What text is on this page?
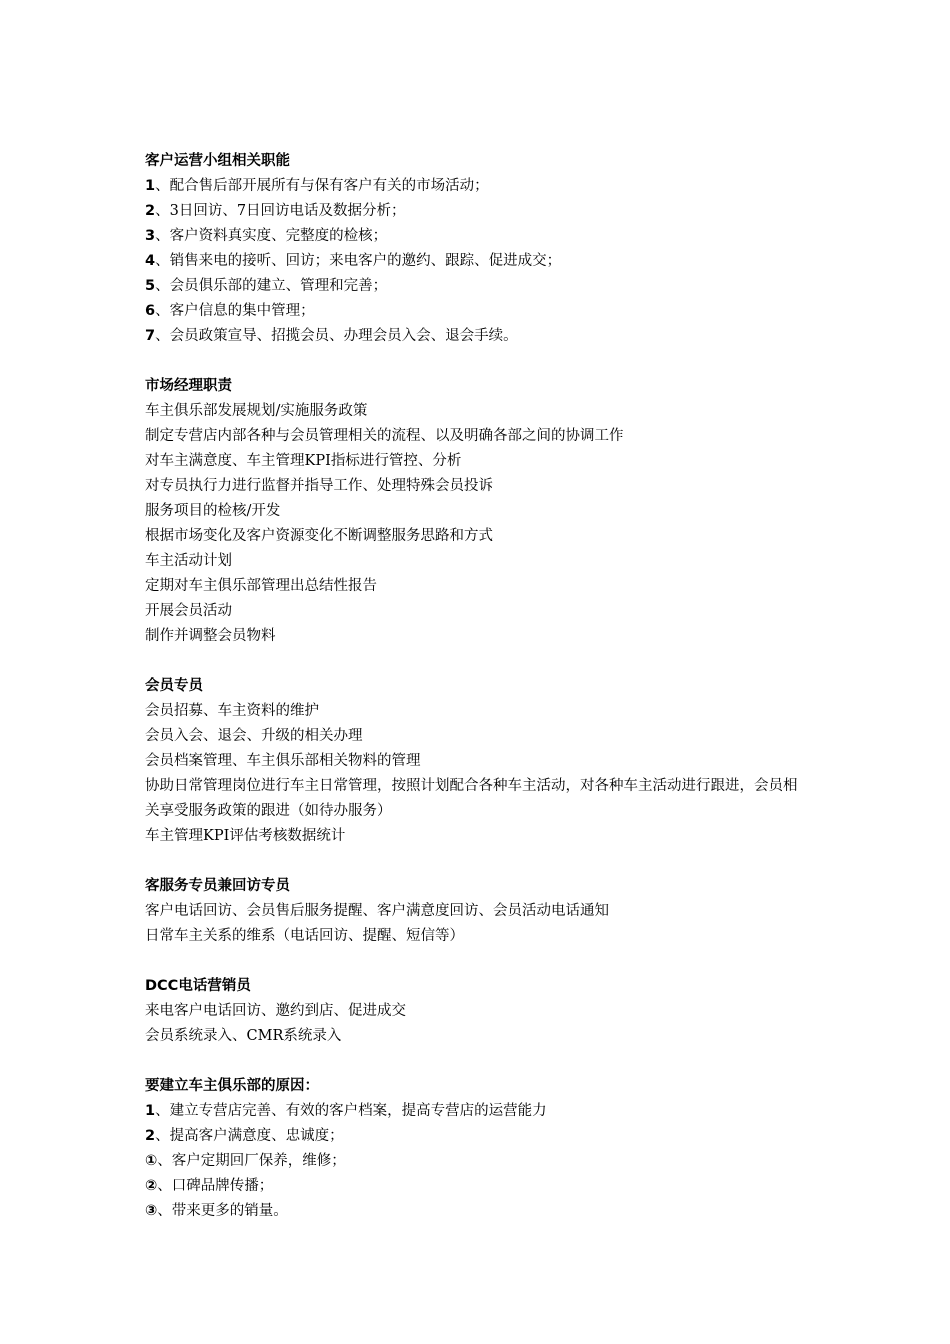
客户运营小组相关职能
1、配合售后部开展所有与保有客户有关的市场活动；
2、3日回访、7日回访电话及数据分析；
3、客户资料真实度、完整度的检核；
4、销售来电的接听、回访；来电客户的邀约、跟踪、促进成交；
5、会员俱乐部的建立、管理和完善；
6、客户信息的集中管理；
7、会员政策宣导、招揽会员、办理会员入会、退会手续。
市场经理职责
车主俱乐部发展规划/实施服务政策
制定专营店内部各种与会员管理相关的流程、以及明确各部之间的协调工作
对车主满意度、车主管理KPI指标进行管控、分析
对专员执行力进行监督并指导工作、处理特殊会员投诉
服务项目的检核/开发
根据市场变化及客户资源变化不断调整服务思路和方式
车主活动计划
定期对车主俱乐部管理出总结性报告
开展会员活动
制作并调整会员物料
会员专员
会员招募、车主资料的维护
会员入会、退会、升级的相关办理
会员档案管理、车主俱乐部相关物料的管理
协助日常管理岗位进行车主日常管理，按照计划配合各种车主活动，对各种车主活动进行跟进，会员相关享受服务政策的跟进（如待办服务）
车主管理KPI评估考核数据统计
客服务专员兼回访专员
客户电话回访、会员售后服务提醒、客户满意度回访、会员活动电话通知
日常车主关系的维系（电话回访、提醒、短信等）
DCC电话营销员
来电客户电话回访、邀约到店、促进成交
会员系统录入、CMR系统录入
要建立车主俱乐部的原因：
1、建立专营店完善、有效的客户档案，提高专营店的运营能力
2、提高客户满意度、忠诚度；
①、客户定期回厂保养，维修；
②、口碑品牌传播；
③、带来更多的销量。
